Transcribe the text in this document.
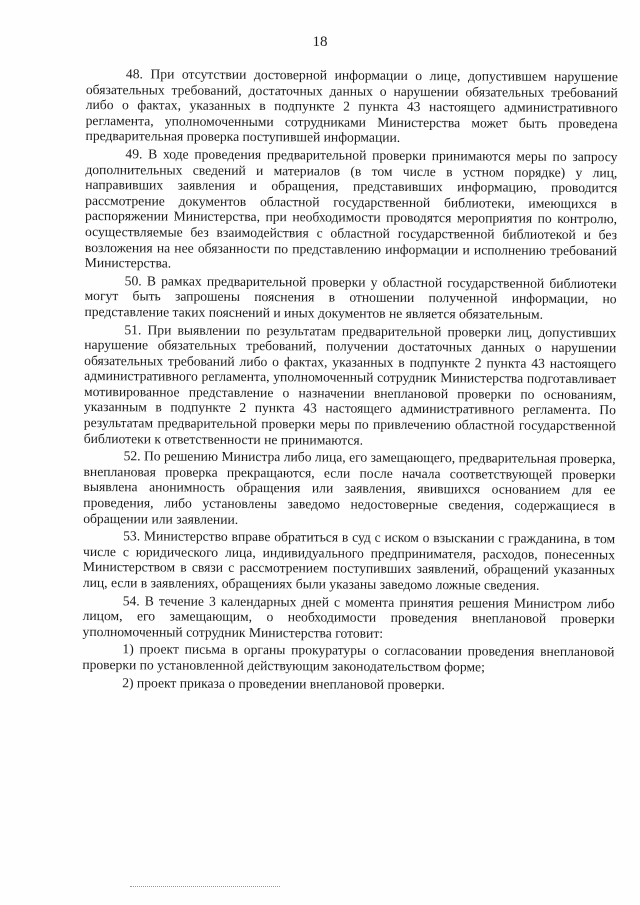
18

48. При отсутствии достоверной информации о лице, допустившем нарушение обязательных требований, достаточных данных о нарушении обязательных требований либо о фактах, указанных в подпункте 2 пункта 43 настоящего административного регламента, уполномоченными сотрудниками Министерства может быть проведена предварительная проверка поступившей информации.

49. В ходе проведения предварительной проверки принимаются меры по запросу дополнительных сведений и материалов (в том числе в устном порядке) у лиц, направивших заявления и обращения, представивших информацию, проводится рассмотрение документов областной государственной библиотеки, имеющихся в распоряжении Министерства, при необходимости проводятся мероприятия по контролю, осуществляемые без взаимодействия с областной государственной библиотекой и без возложения на нее обязанности по представлению информации и исполнению требований Министерства.

50. В рамках предварительной проверки у областной государственной библиотеки могут быть запрошены пояснения в отношении полученной информации, но представление таких пояснений и иных документов не является обязательным.

51. При выявлении по результатам предварительной проверки лиц, допустивших нарушение обязательных требований, получении достаточных данных о нарушении обязательных требований либо о фактах, указанных в подпункте 2 пункта 43 настоящего административного регламента, уполномоченный сотрудник Министерства подготавливает мотивированное представление о назначении внеплановой проверки по основаниям, указанным в подпункте 2 пункта 43 настоящего административного регламента. По результатам предварительной проверки меры по привлечению областной государственной библиотеки к ответственности не принимаются.

52. По решению Министра либо лица, его замещающего, предварительная проверка, внеплановая проверка прекращаются, если после начала соответствующей проверки выявлена анонимность обращения или заявления, явившихся основанием для ее проведения, либо установлены заведомо недостоверные сведения, содержащиеся в обращении или заявлении.

53. Министерство вправе обратиться в суд с иском о взыскании с гражданина, в том числе с юридического лица, индивидуального предпринимателя, расходов, понесенных Министерством в связи с рассмотрением поступивших заявлений, обращений указанных лиц, если в заявлениях, обращениях были указаны заведомо ложные сведения.

54. В течение 3 календарных дней с момента принятия решения Министром либо лицом, его замещающим, о необходимости проведения внеплановой проверки уполномоченный сотрудник Министерства готовит:

1) проект письма в органы прокуратуры о согласовании проведения внеплановой проверки по установленной действующим законодательством форме;

2) проект приказа о проведении внеплановой проверки.
